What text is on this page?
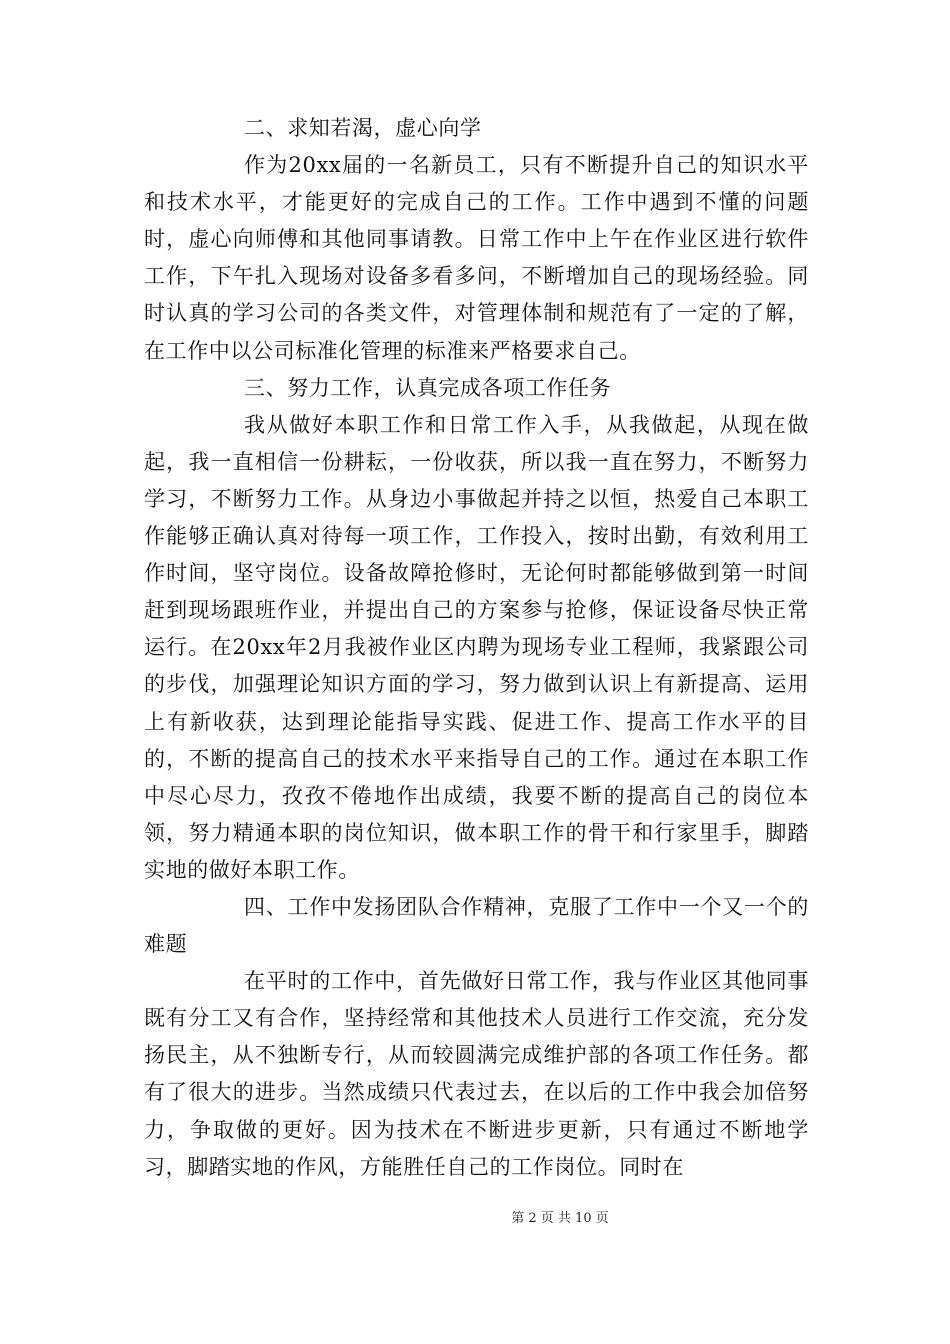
二、求知若渴，虚心向学

作为20xx届的一名新员工，只有不断提升自己的知识水平和技术水平，才能更好的完成自己的工作。工作中遇到不懂的问题时，虚心向师傅和其他同事请教。日常工作中上午在作业区进行软件工作，下午扎入现场对设备多看多问，不断增加自己的现场经验。同时认真的学习公司的各类文件，对管理体制和规范有了一定的了解，在工作中以公司标准化管理的标准来严格要求自己。

三、努力工作，认真完成各项工作任务

我从做好本职工作和日常工作入手，从我做起，从现在做起，我一直相信一份耕耘，一份收获，所以我一直在努力，不断努力学习，不断努力工作。从身边小事做起并持之以恒，热爱自己本职工作能够正确认真对待每一项工作，工作投入，按时出勤，有效利用工作时间，坚守岗位。设备故障抢修时，无论何时都能够做到第一时间赶到现场跟班作业，并提出自己的方案参与抢修，保证设备尽快正常运行。在20xx年2月我被作业区内聘为现场专业工程师，我紧跟公司的步伐，加强理论知识方面的学习，努力做到认识上有新提高、运用上有新收获，达到理论能指导实践、促进工作、提高工作水平的目的，不断的提高自己的技术水平来指导自己的工作。通过在本职工作中尽心尽力，孜孜不倦地作出成绩，我要不断的提高自己的岗位本领，努力精通本职的岗位知识，做本职工作的骨干和行家里手，脚踏实地的做好本职工作。

四、工作中发扬团队合作精神，克服了工作中一个又一个的难题

在平时的工作中，首先做好日常工作，我与作业区其他同事既有分工又有合作，坚持经常和其他技术人员进行工作交流，充分发扬民主，从不独断专行，从而较圆满完成维护部的各项工作任务。都有了很大的进步。当然成绩只代表过去，在以后的工作中我会加倍努力，争取做的更好。因为技术在不断进步更新，只有通过不断地学习，脚踏实地的作风，方能胜任自己的工作岗位。同时在

第 2 页 共 10 页
